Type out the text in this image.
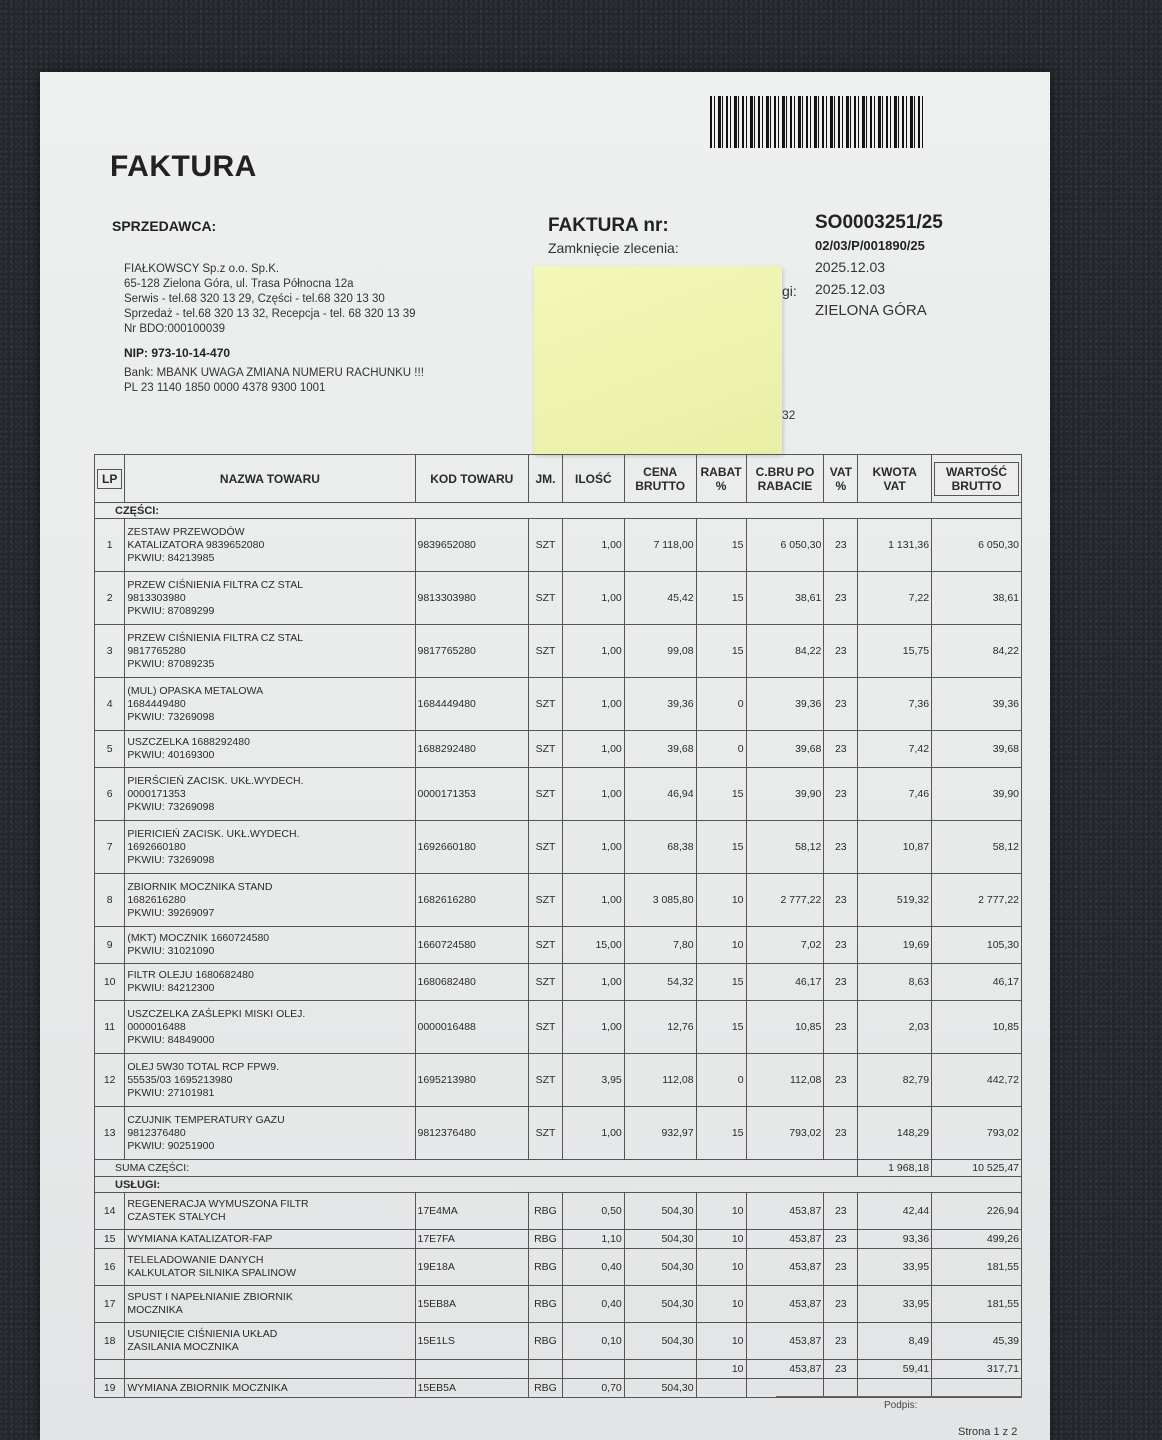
FAKTURA
SPRZEDAWCA:
FIAŁKOWSCY Sp.z o.o. Sp.K.
65-128 Zielona Góra, ul. Trasa Północna 12a
Serwis - tel.68 320 13 29, Części - tel.68 320 13 30
Sprzedaż - tel.68 320 13 32, Recepcja - tel. 68 320 13 39
Nr BDO:000100039
NIP: 973-10-14-470
Bank: MBANK UWAGA ZMIANA NUMERU RACHUNKU !!!
PL 23 1140 1850 0000 4378 9300 1001
FAKTURA nr:	SO0003251/25
Zamknięcie zlecenia:	02/03/P/001890/25
2025.12.03
gi: 2025.12.03
ZIELONA GÓRA
32
LP	NAZWA TOWARU	KOD TOWARU	JM.	ILOŚĆ	CENA BRUTTO	RABAT %	C.BRU PO RABACIE	VAT %	KWOTA VAT	WARTOŚĆ BRUTTO
CZĘŚCI:										
1	ZESTAW PRZEWODÓW
KATALIZATORA 9839652080
PKWIU: 84213985	9839652080	SZT	1,00	7 118,00	15	6 050,30	23	1 131,36	6 050,30
2	PRZEW CIŚNIENIA FILTRA CZ STAL
9813303980
PKWIU: 87089299	9813303980	SZT	1,00	45,42	15	38,61	23	7,22	38,61
3	PRZEW CIŚNIENIA FILTRA CZ STAL
9817765280
PKWIU: 87089235	9817765280	SZT	1,00	99,08	15	84,22	23	15,75	84,22
4	(MUL) OPASKA METALOWA
1684449480
PKWIU: 73269098	1684449480	SZT	1,00	39,36	0	39,36	23	7,36	39,36
5	USZCZELKA 1688292480
PKWIU: 40169300	1688292480	SZT	1,00	39,68	0	39,68	23	7,42	39,68
6	PIERŚCIEŃ ZACISK. UKŁ.WYDECH.
0000171353
PKWIU: 73269098	0000171353	SZT	1,00	46,94	15	39,90	23	7,46	39,90
7	PIERICIEŃ ZACISK. UKŁ.WYDECH.
1692660180
PKWIU: 73269098	1692660180	SZT	1,00	68,38	15	58,12	23	10,87	58,12
8	ZBIORNIK MOCZNIKA STAND
1682616280
PKWIU: 39269097	1682616280	SZT	1,00	3 085,80	10	2 777,22	23	519,32	2 777,22
9	(MKT) MOCZNIK 1660724580
PKWIU: 31021090	1660724580	SZT	15,00	7,80	10	7,02	23	19,69	105,30
10	FILTR OLEJU 1680682480
PKWIU: 84212300	1680682480	SZT	1,00	54,32	15	46,17	23	8,63	46,17
11	USZCZELKA ZAŚLEPKI MISKI OLEJ.
0000016488
PKWIU: 84849000	0000016488	SZT	1,00	12,76	15	10,85	23	2,03	10,85
12	OLEJ 5W30 TOTAL RCP FPW9.
55535/03 1695213980
PKWIU: 27101981	1695213980	SZT	3,95	112,08	0	112,08	23	82,79	442,72
13	CZUJNIK TEMPERATURY GAZU
9812376480
PKWIU: 90251900	9812376480	SZT	1,00	932,97	15	793,02	23	148,29	793,02
SUMA CZĘŚCI:									1 968,18	10 525,47
USŁUGI:										
14	REGENERACJA WYMUSZONA FILTR
CZASTEK STALYCH	17E4MA	RBG	0,50	504,30	10	453,87	23	42,44	226,94
15	WYMIANA KATALIZATOR-FAP	17E7FA	RBG	1,10	504,30	10	453,87	23	93,36	499,26
16	TELELADOWANIE DANYCH
KALKULATOR SILNIKA SPALINOW	19E18A	RBG	0,40	504,30	10	453,87	23	33,95	181,55
17	SPUST I NAPEŁNIANIE ZBIORNIK
MOCZNIKA	15EB8A	RBG	0,40	504,30	10	453,87	23	33,95	181,55
18	USUNIĘCIE CIŚNIENIA UKŁAD
ZASILANIA MOCZNIKA	15E1LS	RBG	0,10	504,30	10	453,87	23	8,49	45,39

					10	453,87	23	59,41	317,71
19	WYMIANA ZBIORNIK MOCZNIKA	15EB5A	RBG	0,70	504,30					
Podpis:
Strona 1 z 2
